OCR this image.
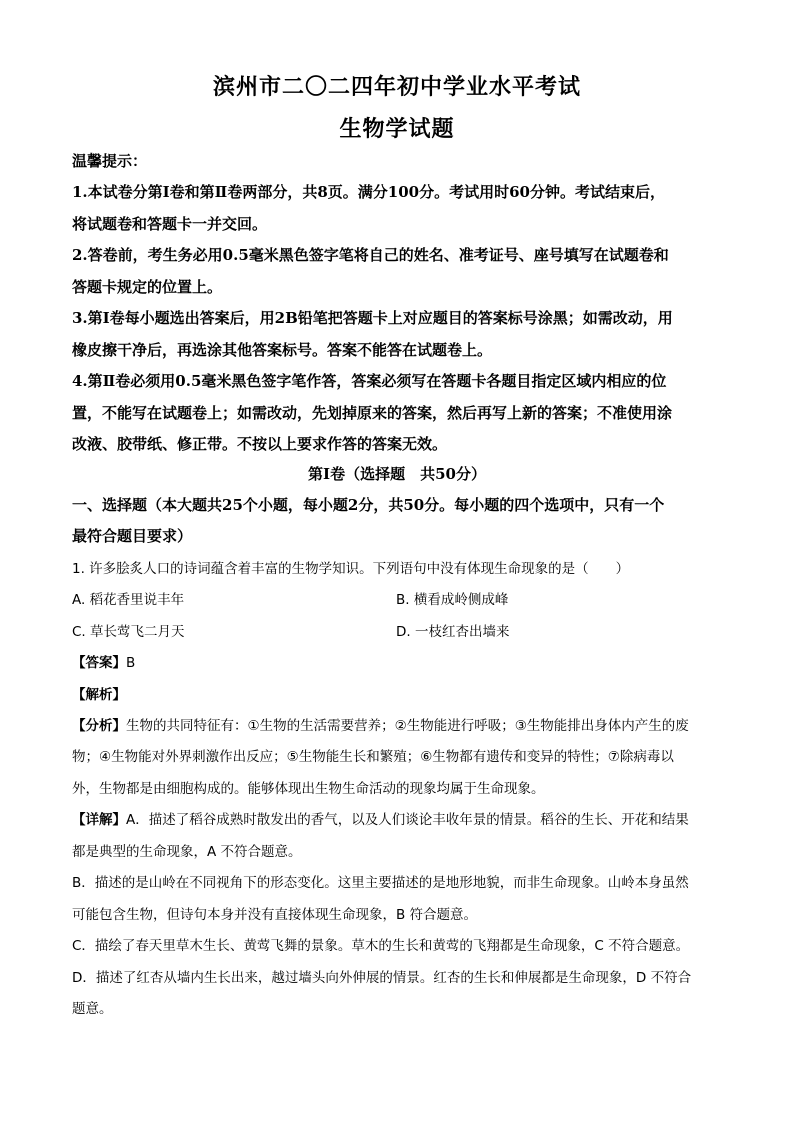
滨州市二〇二四年初中学业水平考试
生物学试题
温馨提示：
1.本试卷分第Ⅰ卷和第Ⅱ卷两部分，共8页。满分100分。考试用时60分钟。考试结束后，
将试题卷和答题卡一并交回。
2.答卷前，考生务必用0.5毫米黑色签字笔将自己的姓名、准考证号、座号填写在试题卷和
答题卡规定的位置上。
3.第Ⅰ卷每小题选出答案后，用2B铅笔把答题卡上对应题目的答案标号涂黑；如需改动，用
橡皮擦干净后，再选涂其他答案标号。答案不能答在试题卷上。
4.第Ⅱ卷必须用0.5毫米黑色签字笔作答，答案必须写在答题卡各题目指定区域内相应的位
置，不能写在试题卷上；如需改动，先划掉原来的答案，然后再写上新的答案；不准使用涂
改液、胶带纸、修正带。不按以上要求作答的答案无效。
第Ⅰ卷（选择题　共50分）
一、选择题（本大题共25个小题，每小题2分，共50分。每小题的四个选项中，只有一个
最符合题目要求）
1. 许多脍炙人口的诗词蕴含着丰富的生物学知识。下列语句中没有体现生命现象的是（　　）
A. 稻花香里说丰年	B. 横看成岭侧成峰
C. 草长莺飞二月天	D. 一枝红杏出墙来
【答案】B
【解析】
【分析】生物的共同特征有：①生物的生活需要营养；②生物能进行呼吸；③生物能排出身体内产生的废
物；④生物能对外界刺激作出反应；⑤生物能生长和繁殖；⑥生物都有遗传和变异的特性；⑦除病毒以
外，生物都是由细胞构成的。能够体现出生物生命活动的现象均属于生命现象。
【详解】A．描述了稻谷成熟时散发出的香气，以及人们谈论丰收年景的情景。稻谷的生长、开花和结果
都是典型的生命现象，A 不符合题意。
B．描述的是山岭在不同视角下的形态变化。这里主要描述的是地形地貌，而非生命现象。山岭本身虽然
可能包含生物，但诗句本身并没有直接体现生命现象，B 符合题意。
C．描绘了春天里草木生长、黄莺飞舞的景象。草木的生长和黄莺的飞翔都是生命现象，C 不符合题意。
D．描述了红杏从墙内生长出来，越过墙头向外伸展的情景。红杏的生长和伸展都是生命现象，D 不符合
题意。
